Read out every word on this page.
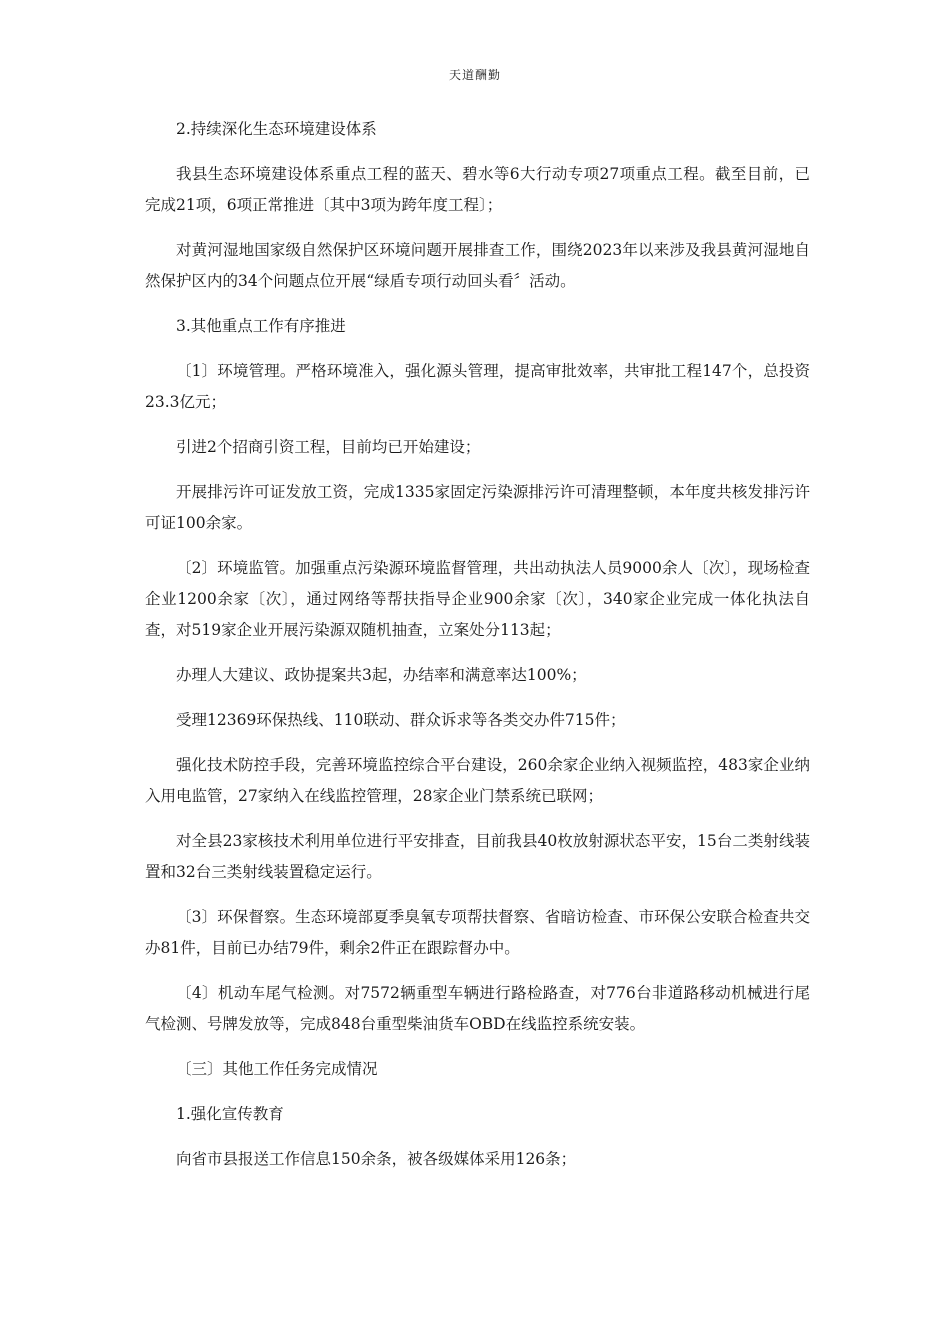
天道酬勤

2.持续深化生态环境建设体系

我县生态环境建设体系重点工程的蓝天、碧水等6大行动专项27项重点工程。截至目前，已完成21项，6项正常推进〔其中3项为跨年度工程〕；

对黄河湿地国家级自然保护区环境问题开展排查工作，围绕2023年以来涉及我县黄河湿地自然保护区内的34个问题点位开展“绿盾专项行动回头看〞活动。

3.其他重点工作有序推进

〔1〕环境管理。严格环境准入，强化源头管理，提高审批效率，共审批工程147个，总投资23.3亿元；

引进2个招商引资工程，目前均已开始建设；

开展排污许可证发放工资，完成1335家固定污染源排污许可清理整顿，本年度共核发排污许可证100余家。

〔2〕环境监管。加强重点污染源环境监督管理，共出动执法人员9000余人〔次〕，现场检查企业1200余家〔次〕，通过网络等帮扶指导企业900余家〔次〕，340家企业完成一体化执法自查，对519家企业开展污染源双随机抽查，立案处分113起；

办理人大建议、政协提案共3起，办结率和满意率达100%；

受理12369环保热线、110联动、群众诉求等各类交办件715件；

强化技术防控手段，完善环境监控综合平台建设，260余家企业纳入视频监控，483家企业纳入用电监管，27家纳入在线监控管理，28家企业门禁系统已联网；

对全县23家核技术利用单位进行平安排查，目前我县40枚放射源状态平安，15台二类射线装置和32台三类射线装置稳定运行。

〔3〕环保督察。生态环境部夏季臭氧专项帮扶督察、省暗访检查、市环保公安联合检查共交办81件，目前已办结79件，剩余2件正在跟踪督办中。

〔4〕机动车尾气检测。对7572辆重型车辆进行路检路查，对776台非道路移动机械进行尾气检测、号牌发放等，完成848台重型柴油货车OBD在线监控系统安装。

〔三〕其他工作任务完成情况

1.强化宣传教育

向省市县报送工作信息150余条，被各级媒体采用126条；
